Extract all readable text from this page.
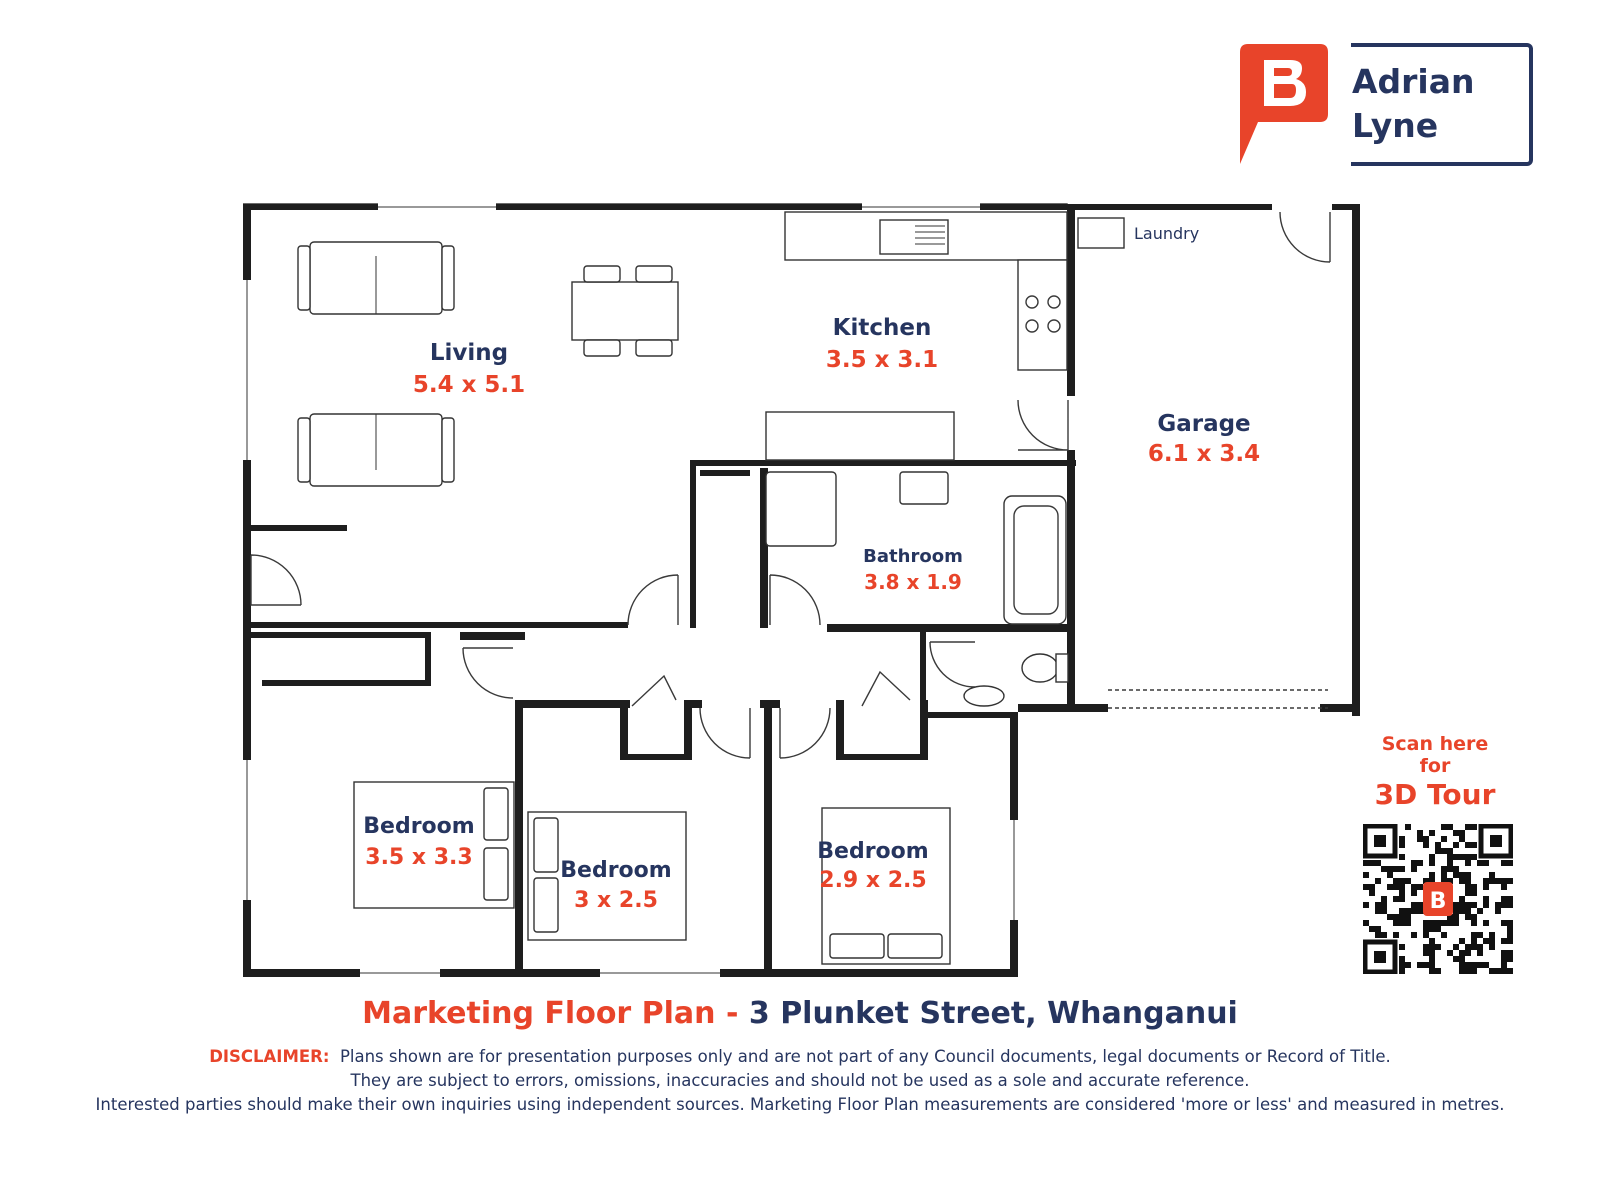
Adrian
Lyne
Living
5.4 x 5.1
Kitchen
3.5 x 3.1
Garage
6.1 x 3.4
Bathroom
3.8 x 1.9
Laundry
Bedroom
3.5 x 3.3
Bedroom
3 x 2.5
Bedroom
2.9 x 2.5
Scan here
for
3D Tour
B
Marketing Floor Plan - 3 Plunket Street, Whanganui
DISCLAIMER: Plans shown are for presentation purposes only and are not part of any Council documents, legal documents or Record of Title.
They are subject to errors, omissions, inaccuracies and should not be used as a sole and accurate reference.
Interested parties should make their own inquiries using independent sources. Marketing Floor Plan measurements are considered 'more or less' and measured in metres.
